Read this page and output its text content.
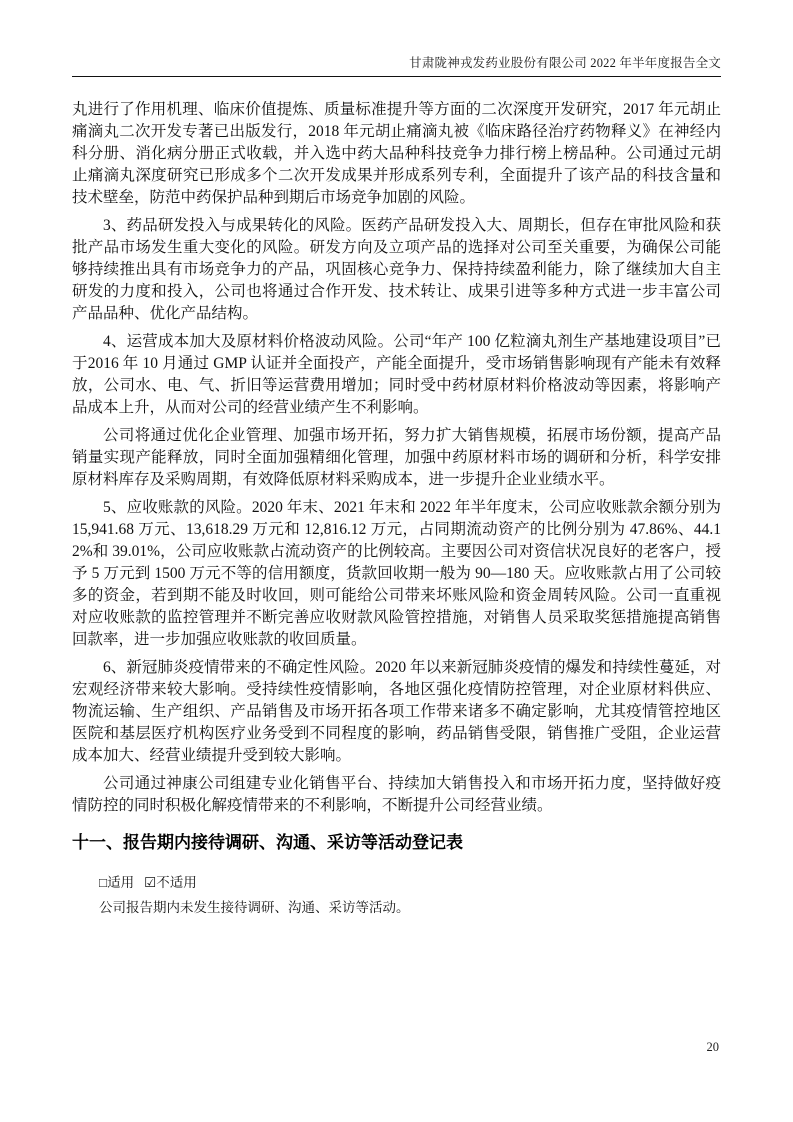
甘肃陇神戎发药业股份有限公司 2022 年半年度报告全文

丸进行了作用机理、临床价值提炼、质量标准提升等方面的二次深度开发研究，2017 年元胡止痛滴丸二次开发专著已出版发行，2018 年元胡止痛滴丸被《临床路径治疗药物释义》在神经内科分册、消化病分册正式收载，并入选中药大品种科技竞争力排行榜上榜品种。公司通过元胡止痛滴丸深度研究已形成多个二次开发成果并形成系列专利，全面提升了该产品的科技含量和技术壁垒，防范中药保护品种到期后市场竞争加剧的风险。

3、药品研发投入与成果转化的风险。医药产品研发投入大、周期长，但存在审批风险和获批产品市场发生重大变化的风险。研发方向及立项产品的选择对公司至关重要，为确保公司能够持续推出具有市场竞争力的产品，巩固核心竞争力、保持持续盈利能力，除了继续加大自主研发的力度和投入，公司也将通过合作开发、技术转让、成果引进等多种方式进一步丰富公司产品品种、优化产品结构。

4、运营成本加大及原材料价格波动风险。公司“年产 100 亿粒滴丸剂生产基地建设项目”已于2016 年 10 月通过 GMP 认证并全面投产，产能全面提升，受市场销售影响现有产能未有效释放，公司水、电、气、折旧等运营费用增加；同时受中药材原材料价格波动等因素，将影响产品成本上升，从而对公司的经营业绩产生不利影响。

公司将通过优化企业管理、加强市场开拓，努力扩大销售规模，拓展市场份额，提高产品销量实现产能释放，同时全面加强精细化管理，加强中药原材料市场的调研和分析，科学安排原材料库存及采购周期，有效降低原材料采购成本，进一步提升企业业绩水平。

5、应收账款的风险。2020 年末、2021 年末和 2022 年半年度末，公司应收账款余额分别为 15,941.68 万元、13,618.29 万元和 12,816.12 万元，占同期流动资产的比例分别为 47.86%、44.12%和 39.01%，公司应收账款占流动资产的比例较高。主要因公司对资信状况良好的老客户，授予 5 万元到 1500 万元不等的信用额度，货款回收期一般为 90—180 天。应收账款占用了公司较多的资金，若到期不能及时收回，则可能给公司带来坏账风险和资金周转风险。公司一直重视对应收账款的监控管理并不断完善应收财款风险管控措施，对销售人员采取奖惩措施提高销售回款率，进一步加强应收账款的收回质量。

6、新冠肺炎疫情带来的不确定性风险。2020 年以来新冠肺炎疫情的爆发和持续性蔓延，对宏观经济带来较大影响。受持续性疫情影响，各地区强化疫情防控管理，对企业原材料供应、物流运输、生产组织、产品销售及市场开拓各项工作带来诸多不确定影响，尤其疫情管控地区医院和基层医疗机构医疗业务受到不同程度的影响，药品销售受限，销售推广受阻，企业运营成本加大、经营业绩提升受到较大影响。

公司通过神康公司组建专业化销售平台、持续加大销售投入和市场开拓力度，坚持做好疫情防控的同时积极化解疫情带来的不利影响，不断提升公司经营业绩。

十一、报告期内接待调研、沟通、采访等活动登记表

□适用 ☑不适用

公司报告期内未发生接待调研、沟通、采访等活动。

20
